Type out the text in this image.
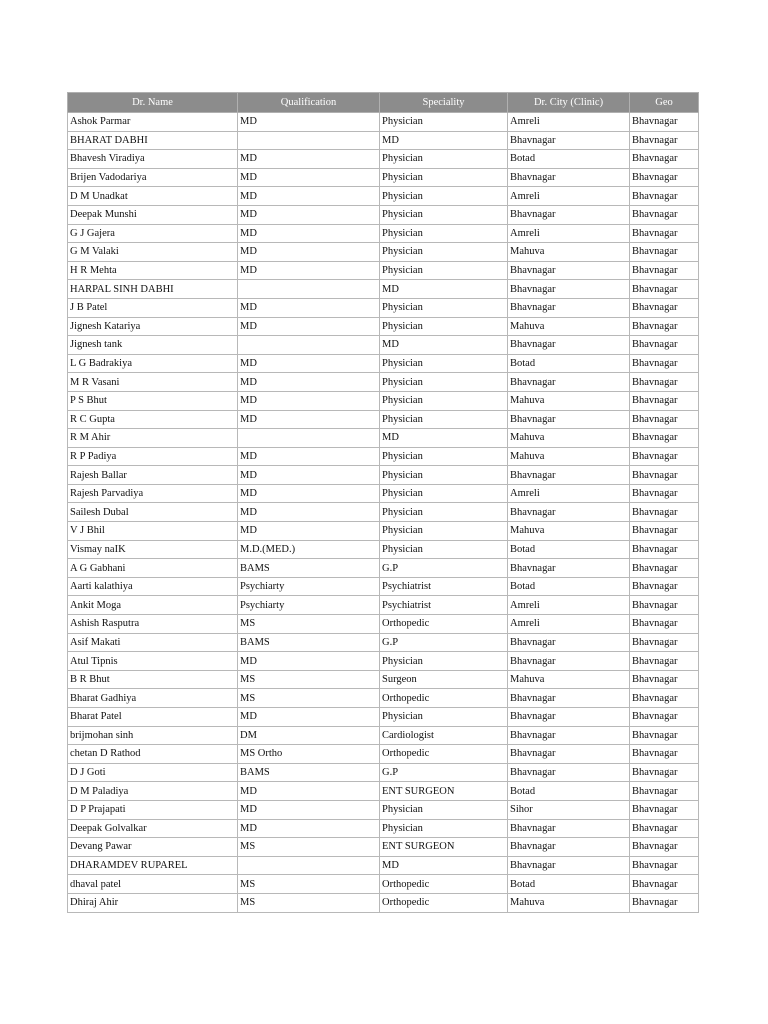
Dr. Name	Qualification	Speciality	Dr. City (Clinic)	Geo
Ashok Parmar	MD	Physician	Amreli	Bhavnagar
BHARAT DABHI		MD	Bhavnagar	Bhavnagar
Bhavesh Viradiya	MD	Physician	Botad	Bhavnagar
Brijen Vadodariya	MD	Physician	Bhavnagar	Bhavnagar
D M Unadkat	MD	Physician	Amreli	Bhavnagar
Deepak Munshi	MD	Physician	Bhavnagar	Bhavnagar
G J Gajera	MD	Physician	Amreli	Bhavnagar
G M Valaki	MD	Physician	Mahuva	Bhavnagar
H R Mehta	MD	Physician	Bhavnagar	Bhavnagar
HARPAL SINH DABHI		MD	Bhavnagar	Bhavnagar
J B Patel	MD	Physician	Bhavnagar	Bhavnagar
Jignesh Katariya	MD	Physician	Mahuva	Bhavnagar
Jignesh tank		MD	Bhavnagar	Bhavnagar
L G Badrakiya	MD	Physician	Botad	Bhavnagar
M R Vasani	MD	Physician	Bhavnagar	Bhavnagar
P S Bhut	MD	Physician	Mahuva	Bhavnagar
R C Gupta	MD	Physician	Bhavnagar	Bhavnagar
R M Ahir		MD	Mahuva	Bhavnagar
R P Padiya	MD	Physician	Mahuva	Bhavnagar
Rajesh Ballar	MD	Physician	Bhavnagar	Bhavnagar
Rajesh Parvadiya	MD	Physician	Amreli	Bhavnagar
Sailesh Dubal	MD	Physician	Bhavnagar	Bhavnagar
V J Bhil	MD	Physician	Mahuva	Bhavnagar
Vismay naIK	M.D.(MED.)	Physician	Botad	Bhavnagar
A G Gabhani	BAMS	G.P	Bhavnagar	Bhavnagar
Aarti kalathiya	Psychiarty	Psychiatrist	Botad	Bhavnagar
Ankit Moga	Psychiarty	Psychiatrist	Amreli	Bhavnagar
Ashish Rasputra	MS	Orthopedic	Amreli	Bhavnagar
Asif Makati	BAMS	G.P	Bhavnagar	Bhavnagar
Atul Tipnis	MD	Physician	Bhavnagar	Bhavnagar
B R Bhut	MS	Surgeon	Mahuva	Bhavnagar
Bharat Gadhiya	MS	Orthopedic	Bhavnagar	Bhavnagar
Bharat Patel	MD	Physician	Bhavnagar	Bhavnagar
brijmohan sinh	DM	Cardiologist	Bhavnagar	Bhavnagar
chetan D Rathod	MS Ortho	Orthopedic	Bhavnagar	Bhavnagar
D J Goti	BAMS	G.P	Bhavnagar	Bhavnagar
D M Paladiya	MD	ENT SURGEON	Botad	Bhavnagar
D P Prajapati	MD	Physician	Sihor	Bhavnagar
Deepak Golvalkar	MD	Physician	Bhavnagar	Bhavnagar
Devang Pawar	MS	ENT SURGEON	Bhavnagar	Bhavnagar
DHARAMDEV RUPAREL		MD	Bhavnagar	Bhavnagar
dhaval patel	MS	Orthopedic	Botad	Bhavnagar
Dhiraj Ahir	MS	Orthopedic	Mahuva	Bhavnagar
